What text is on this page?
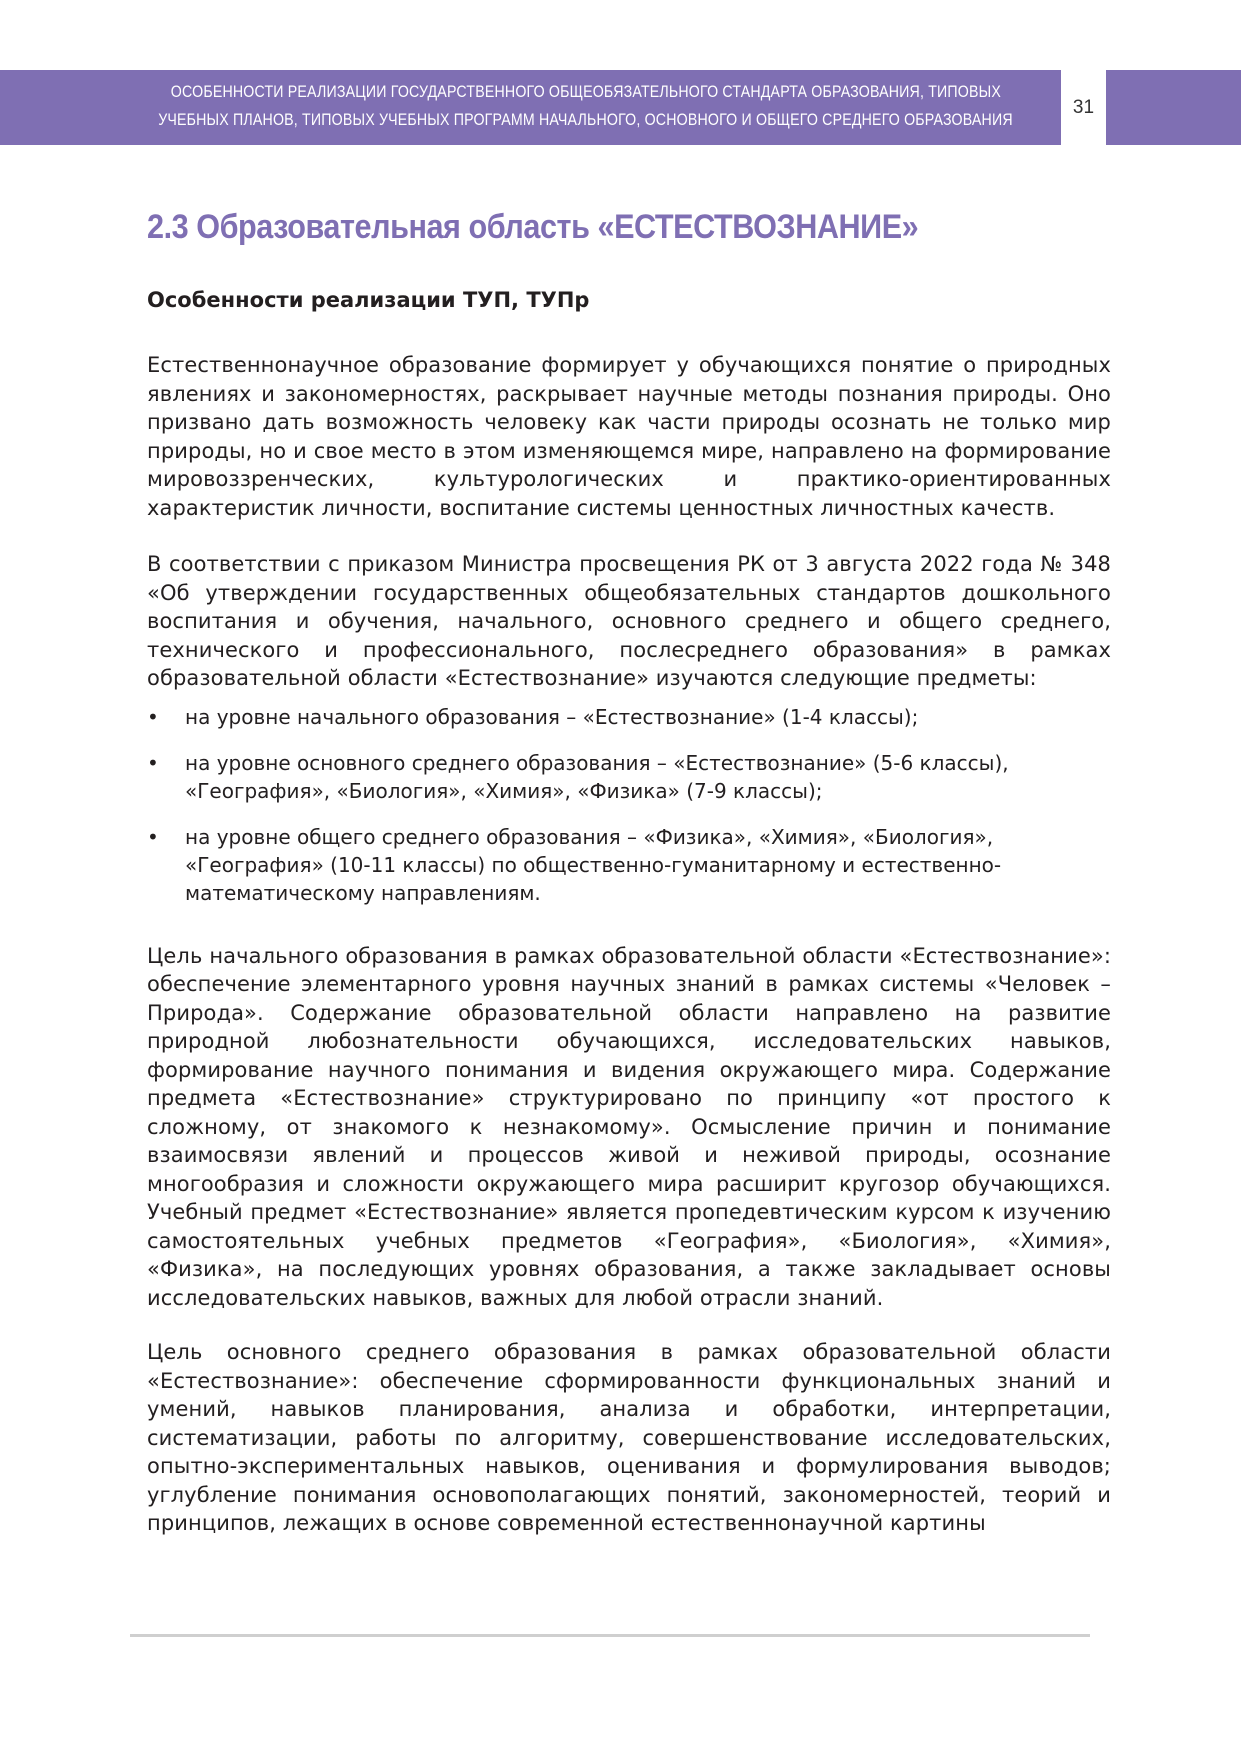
ОСОБЕННОСТИ РЕАЛИЗАЦИИ ГОСУДАРСТВЕННОГО ОБЩЕОБЯЗАТЕЛЬНОГО СТАНДАРТА ОБРАЗОВАНИЯ, ТИПОВЫХ
УЧЕБНЫХ ПЛАНОВ, ТИПОВЫХ УЧЕБНЫХ ПРОГРАММ НАЧАЛЬНОГО, ОСНОВНОГО И ОБЩЕГО СРЕДНЕГО ОБРАЗОВАНИЯ
31
2.3 Образовательная область «ЕСТЕСТВОЗНАНИЕ»
Особенности реализации ТУП, ТУПр

Естественнонаучное образование формирует у обучающихся понятие о природных явлениях и закономерностях, раскрывает научные методы познания природы. Оно призвано дать возможность человеку как части природы осознать не только мир природы, но и свое место в этом изменяющемся мире, направлено на формирование мировоззренческих, культурологических и практико-ориентированных характеристик личности, воспитание системы ценностных личностных качеств.

В соответствии с приказом Министра просвещения РК от 3 августа 2022 года № 348 «Об утверждении государственных общеобязательных стандартов дошкольного воспитания и обучения, начального, основного среднего и общего среднего, технического и профессионального, послесреднего образования» в рамках образовательной области «Естествознание» изучаются следующие предметы:

• на уровне начального образования – «Естествознание» (1-4 классы);
• на уровне основного среднего образования – «Естествознание» (5-6 классы), «География», «Биология», «Химия», «Физика» (7-9 классы);
• на уровне общего среднего образования – «Физика», «Химия», «Биология», «География» (10-11 классы) по общественно-гуманитарному и естественно-математическому направлениям.

Цель начального образования в рамках образовательной области «Естествознание»: обеспечение элементарного уровня научных знаний в рамках системы «Человек – Природа». Содержание образовательной области направлено на развитие природной любознательности обучающихся, исследовательских навыков, формирование научного понимания и видения окружающего мира. Содержание предмета «Естествознание» структурировано по принципу «от простого к сложному, от знакомого к незнакомому». Осмысление причин и понимание взаимосвязи явлений и процессов живой и неживой природы, осознание многообразия и сложности окружающего мира расширит кругозор обучающихся. Учебный предмет «Естествознание» является пропедевтическим курсом к изучению самостоятельных учебных предметов «География», «Биология», «Химия», «Физика», на последующих уровнях образования, а также закладывает основы исследовательских навыков, важных для любой отрасли знаний.

Цель основного среднего образования в рамках образовательной области «Естествознание»: обеспечение сформированности функциональных знаний и умений, навыков планирования, анализа и обработки, интерпретации, систематизации, работы по алгоритму, совершенствование исследовательских, опытно-экспериментальных навыков, оценивания и формулирования выводов; углубление понимания основополагающих понятий, закономерностей, теорий и принципов, лежащих в основе современной естественнонаучной картины
